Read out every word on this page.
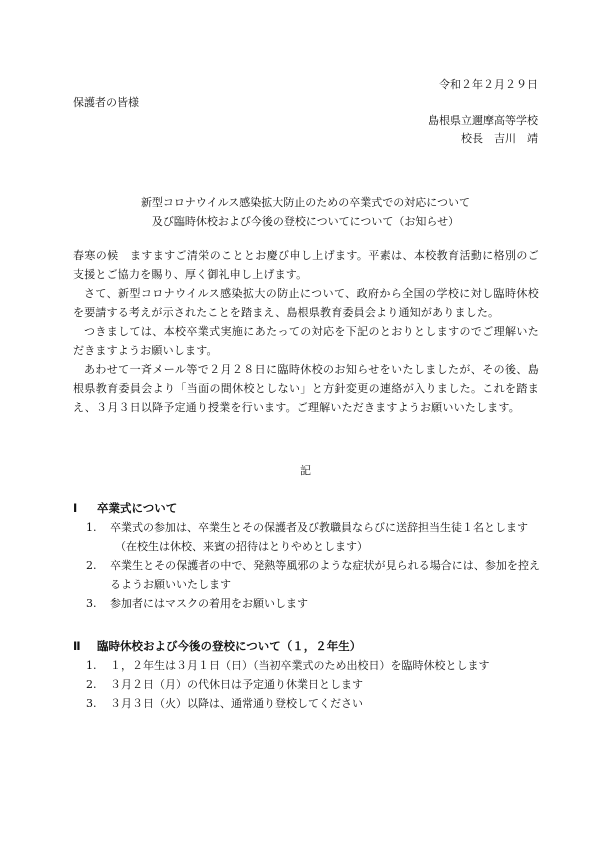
令和２年２月２９日
保護者の皆様
島根県立邇摩高等学校
校長　吉川　靖
新型コロナウイルス感染拡大防止のための卒業式での対応について
及び臨時休校および今後の登校についてについて（お知らせ）

春寒の候　ますますご清栄のこととお慶び申し上げます。平素は、本校教育活動に格別のご支援とご協力を賜り、厚く御礼申し上げます。

さて、新型コロナウイルス感染拡大の防止について、政府から全国の学校に対し臨時休校を要請する考えが示されたことを踏まえ、島根県教育委員会より通知がありました。

つきましては、本校卒業式実施にあたっての対応を下記のとおりとしますのでご理解いただきますようお願いします。

あわせて一斉メール等で２月２８日に臨時休校のお知らせをいたしましたが、その後、島根県教育委員会より「当面の間休校としない」と方針変更の連絡が入りました。これを踏まえ、３月３日以降予定通り授業を行います。ご理解いただきますようお願いいたします。

記
Ⅰ 卒業式について
1. 卒業式の参加は、卒業生とその保護者及び教職員ならびに送辞担当生徒１名とします
（在校生は休校、来賓の招待はとりやめとします）
2. 卒業生とその保護者の中で、発熱等風邪のような症状が見られる場合には、参加を控えるようお願いいたします
3. 参加者にはマスクの着用をお願いします
Ⅱ 臨時休校および今後の登校について（１，２年生）
1. １，２年生は３月１日（日）（当初卒業式のため出校日）を臨時休校とします
2. ３月２日（月）の代休日は予定通り休業日とします
3. ３月３日（火）以降は、通常通り登校してください
